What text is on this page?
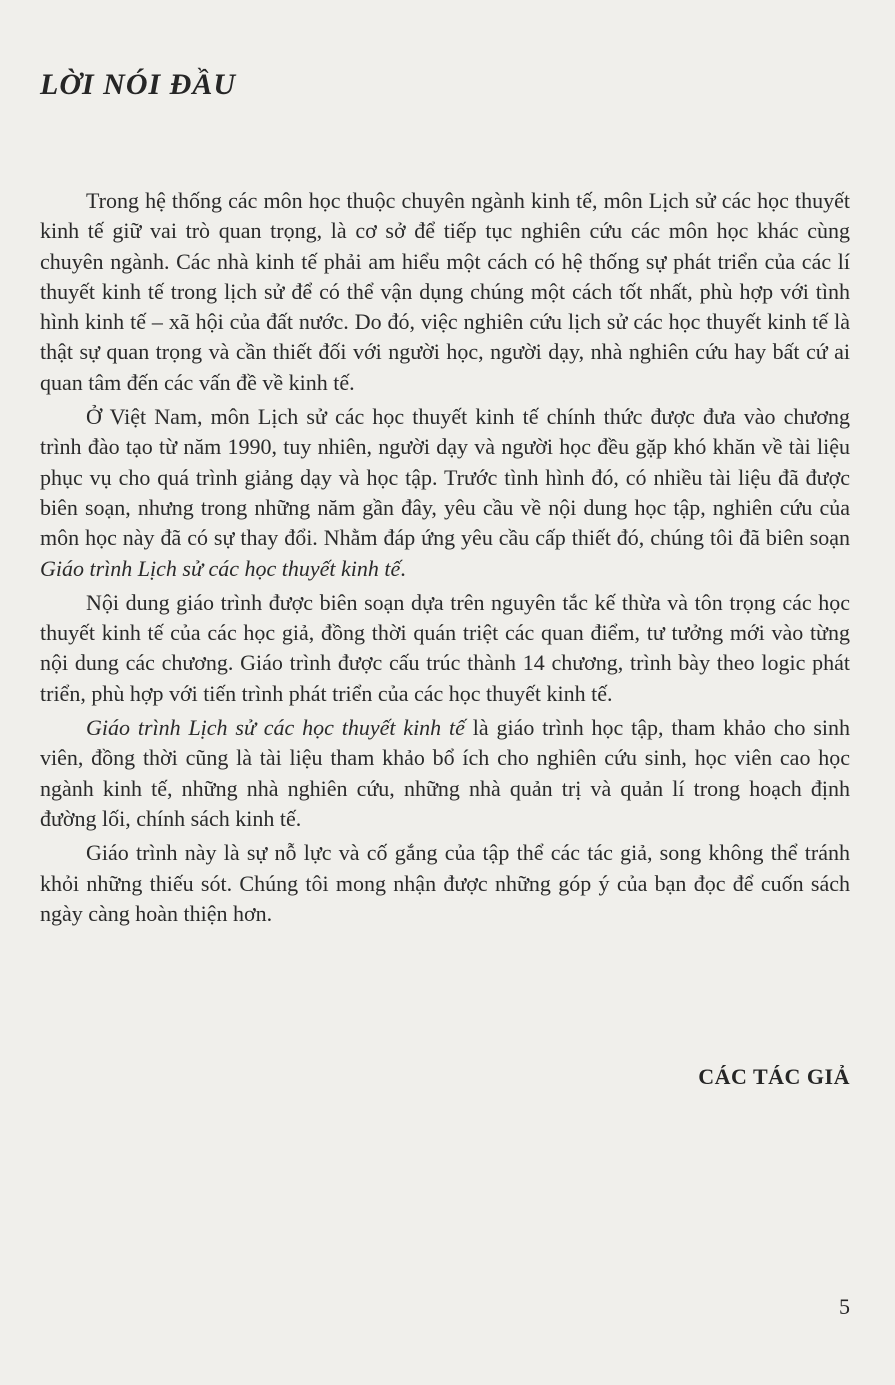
LỜI NÓI ĐẦU

Trong hệ thống các môn học thuộc chuyên ngành kinh tế, môn Lịch sử các học thuyết kinh tế giữ vai trò quan trọng, là cơ sở để tiếp tục nghiên cứu các môn học khác cùng chuyên ngành. Các nhà kinh tế phải am hiểu một cách có hệ thống sự phát triển của các lí thuyết kinh tế trong lịch sử để có thể vận dụng chúng một cách tốt nhất, phù hợp với tình hình kinh tế – xã hội của đất nước. Do đó, việc nghiên cứu lịch sử các học thuyết kinh tế là thật sự quan trọng và cần thiết đối với người học, người dạy, nhà nghiên cứu hay bất cứ ai quan tâm đến các vấn đề về kinh tế.

Ở Việt Nam, môn Lịch sử các học thuyết kinh tế chính thức được đưa vào chương trình đào tạo từ năm 1990, tuy nhiên, người dạy và người học đều gặp khó khăn về tài liệu phục vụ cho quá trình giảng dạy và học tập. Trước tình hình đó, có nhiều tài liệu đã được biên soạn, nhưng trong những năm gần đây, yêu cầu về nội dung học tập, nghiên cứu của môn học này đã có sự thay đổi. Nhằm đáp ứng yêu cầu cấp thiết đó, chúng tôi đã biên soạn Giáo trình Lịch sử các học thuyết kinh tế.

Nội dung giáo trình được biên soạn dựa trên nguyên tắc kế thừa và tôn trọng các học thuyết kinh tế của các học giả, đồng thời quán triệt các quan điểm, tư tưởng mới vào từng nội dung các chương. Giáo trình được cấu trúc thành 14 chương, trình bày theo logic phát triển, phù hợp với tiến trình phát triển của các học thuyết kinh tế.

Giáo trình Lịch sử các học thuyết kinh tế là giáo trình học tập, tham khảo cho sinh viên, đồng thời cũng là tài liệu tham khảo bổ ích cho nghiên cứu sinh, học viên cao học ngành kinh tế, những nhà nghiên cứu, những nhà quản trị và quản lí trong hoạch định đường lối, chính sách kinh tế.

Giáo trình này là sự nỗ lực và cố gắng của tập thể các tác giả, song không thể tránh khỏi những thiếu sót. Chúng tôi mong nhận được những góp ý của bạn đọc để cuốn sách ngày càng hoàn thiện hơn.

CÁC TÁC GIẢ
5
